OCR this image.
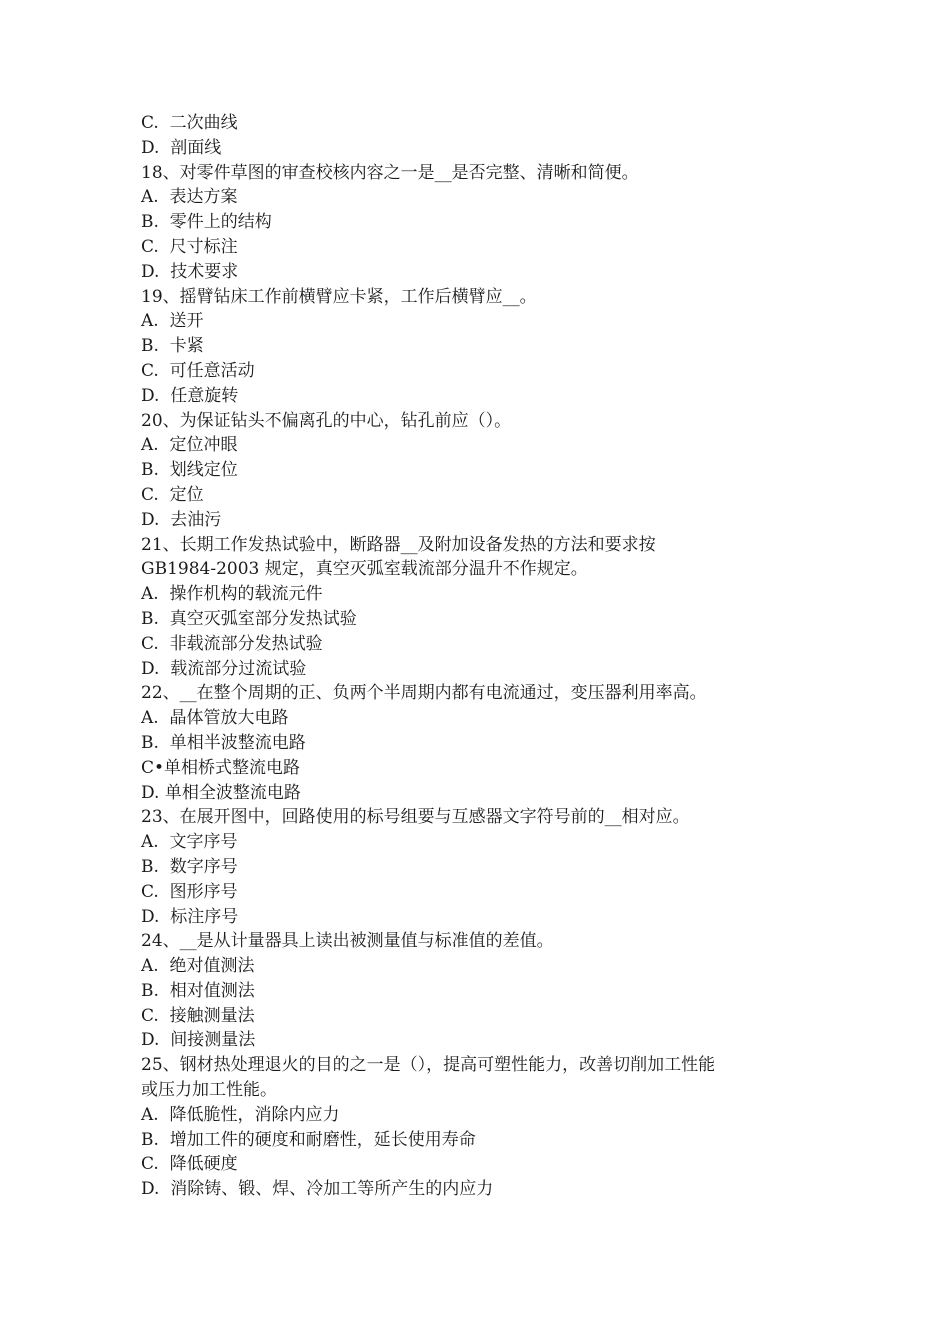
C.  二次曲线
D.  剖面线
18、对零件草图的审查校核内容之一是__是否完整、清晰和简便。
A.  表达方案
B.  零件上的结构
C.  尺寸标注
D.  技术要求
19、摇臂钻床工作前横臂应卡紧，工作后横臂应__。
A.  送开
B.  卡紧
C.  可任意活动
D.  任意旋转
20、为保证钻头不偏离孔的中心，钻孔前应（）。
A.  定位冲眼
B.  划线定位
C.  定位
D.  去油污
21、长期工作发热试验中，断路器__及附加设备发热的方法和要求按
GB1984-2003 规定，真空灭弧室载流部分温升不作规定。
A.  操作机构的载流元件
B.  真空灭弧室部分发热试验
C.  非载流部分发热试验
D.  载流部分过流试验
22、__在整个周期的正、负两个半周期内都有电流通过，变压器利用率高。
A.  晶体管放大电路
B.  单相半波整流电路
C•单相桥式整流电路
D. 单相全波整流电路
23、在展开图中，回路使用的标号组要与互感器文字符号前的__相对应。
A.  文字序号
B.  数字序号
C.  图形序号
D.  标注序号
24、__是从计量器具上读出被测量值与标准值的差值。
A.  绝对值测法
B.  相对值测法
C.  接触测量法
D.  间接测量法
25、钢材热处理退火的目的之一是（），提高可塑性能力，改善切削加工性能
或压力加工性能。
A.  降低脆性，消除内应力
B.  增加工件的硬度和耐磨性，延长使用寿命
C.  降低硬度
D.  消除铸、锻、焊、冷加工等所产生的内应力
